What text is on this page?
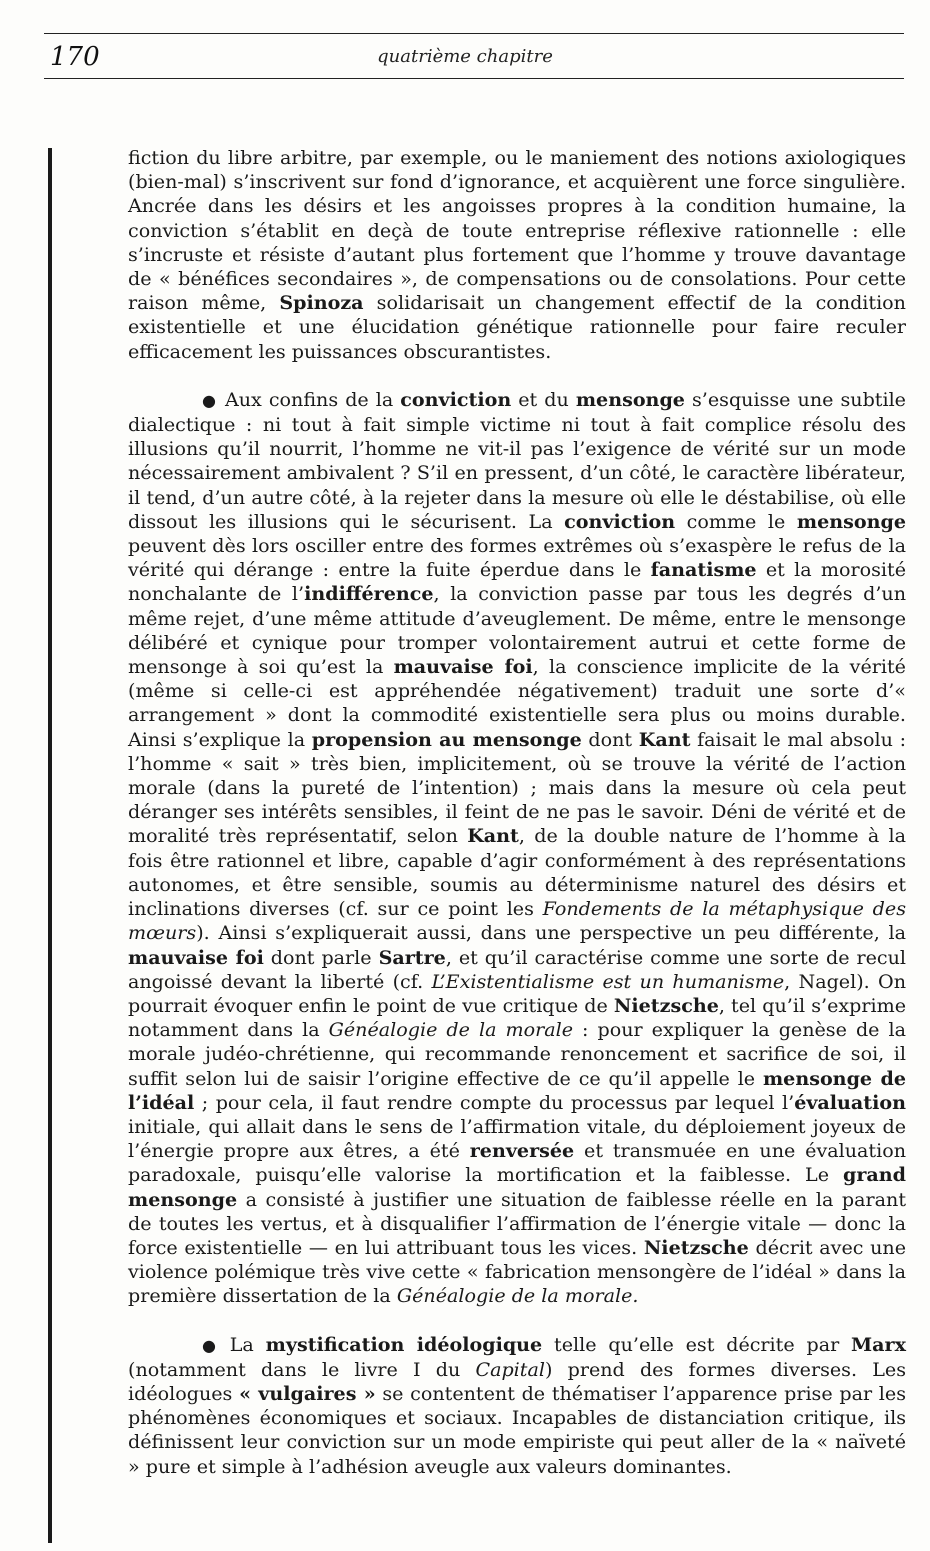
170	quatrième chapitre

fiction du libre arbitre, par exemple, ou le maniement des notions axiologiques (bien-mal) s’inscrivent sur fond d’ignorance, et acquièrent une force singulière. Ancrée dans les désirs et les angoisses propres à la condition humaine, la conviction s’établit en deçà de toute entreprise réflexive rationnelle : elle s’incruste et résiste d’autant plus fortement que l’homme y trouve davantage de « bénéfices secondaires », de compensations ou de consolations. Pour cette raison même, Spinoza solidarisait un changement effectif de la condition existentielle et une élucidation génétique rationnelle pour faire reculer efficacement les puissances obscurantistes.

● Aux confins de la conviction et du mensonge s’esquisse une subtile dialectique : ni tout à fait simple victime ni tout à fait complice résolu des illusions qu’il nourrit, l’homme ne vit-il pas l’exigence de vérité sur un mode nécessairement ambivalent ? S’il en pressent, d’un côté, le caractère libérateur, il tend, d’un autre côté, à la rejeter dans la mesure où elle le déstabilise, où elle dissout les illusions qui le sécurisent. La conviction comme le mensonge peuvent dès lors osciller entre des formes extrêmes où s’exaspère le refus de la vérité qui dérange : entre la fuite éperdue dans le fanatisme et la morosité nonchalante de l’indifférence, la conviction passe par tous les degrés d’un même rejet, d’une même attitude d’aveuglement. De même, entre le mensonge délibéré et cynique pour tromper volontairement autrui et cette forme de mensonge à soi qu’est la mauvaise foi, la conscience implicite de la vérité (même si celle-ci est appréhendée négativement) traduit une sorte d’« arrangement » dont la commodité existentielle sera plus ou moins durable. Ainsi s’explique la propension au mensonge dont Kant faisait le mal absolu : l’homme « sait » très bien, implicitement, où se trouve la vérité de l’action morale (dans la pureté de l’intention) ; mais dans la mesure où cela peut déranger ses intérêts sensibles, il feint de ne pas le savoir. Déni de vérité et de moralité très représentatif, selon Kant, de la double nature de l’homme à la fois être rationnel et libre, capable d’agir conformément à des représentations autonomes, et être sensible, soumis au déterminisme naturel des désirs et inclinations diverses (cf. sur ce point les Fondements de la métaphysique des mœurs). Ainsi s’expliquerait aussi, dans une perspective un peu différente, la mauvaise foi dont parle Sartre, et qu’il caractérise comme une sorte de recul angoissé devant la liberté (cf. L’Existentialisme est un humanisme, Nagel). On pourrait évoquer enfin le point de vue critique de Nietzsche, tel qu’il s’exprime notamment dans la Généalogie de la morale : pour expliquer la genèse de la morale judéo-chrétienne, qui recommande renoncement et sacrifice de soi, il suffit selon lui de saisir l’origine effective de ce qu’il appelle le mensonge de l’idéal ; pour cela, il faut rendre compte du processus par lequel l’évaluation initiale, qui allait dans le sens de l’affirmation vitale, du déploiement joyeux de l’énergie propre aux êtres, a été renversée et transmuée en une évaluation paradoxale, puisqu’elle valorise la mortification et la faiblesse. Le grand mensonge a consisté à justifier une situation de faiblesse réelle en la parant de toutes les vertus, et à disqualifier l’affirmation de l’énergie vitale — donc la force existentielle — en lui attribuant tous les vices. Nietzsche décrit avec une violence polémique très vive cette « fabrication mensongère de l’idéal » dans la première dissertation de la Généalogie de la morale.

● La mystification idéologique telle qu’elle est décrite par Marx (notamment dans le livre I du Capital) prend des formes diverses. Les idéologues « vulgaires » se contentent de thématiser l’apparence prise par les phénomènes économiques et sociaux. Incapables de distanciation critique, ils définissent leur conviction sur un mode empiriste qui peut aller de la « naïveté » pure et simple à l’adhésion aveugle aux valeurs dominantes.
